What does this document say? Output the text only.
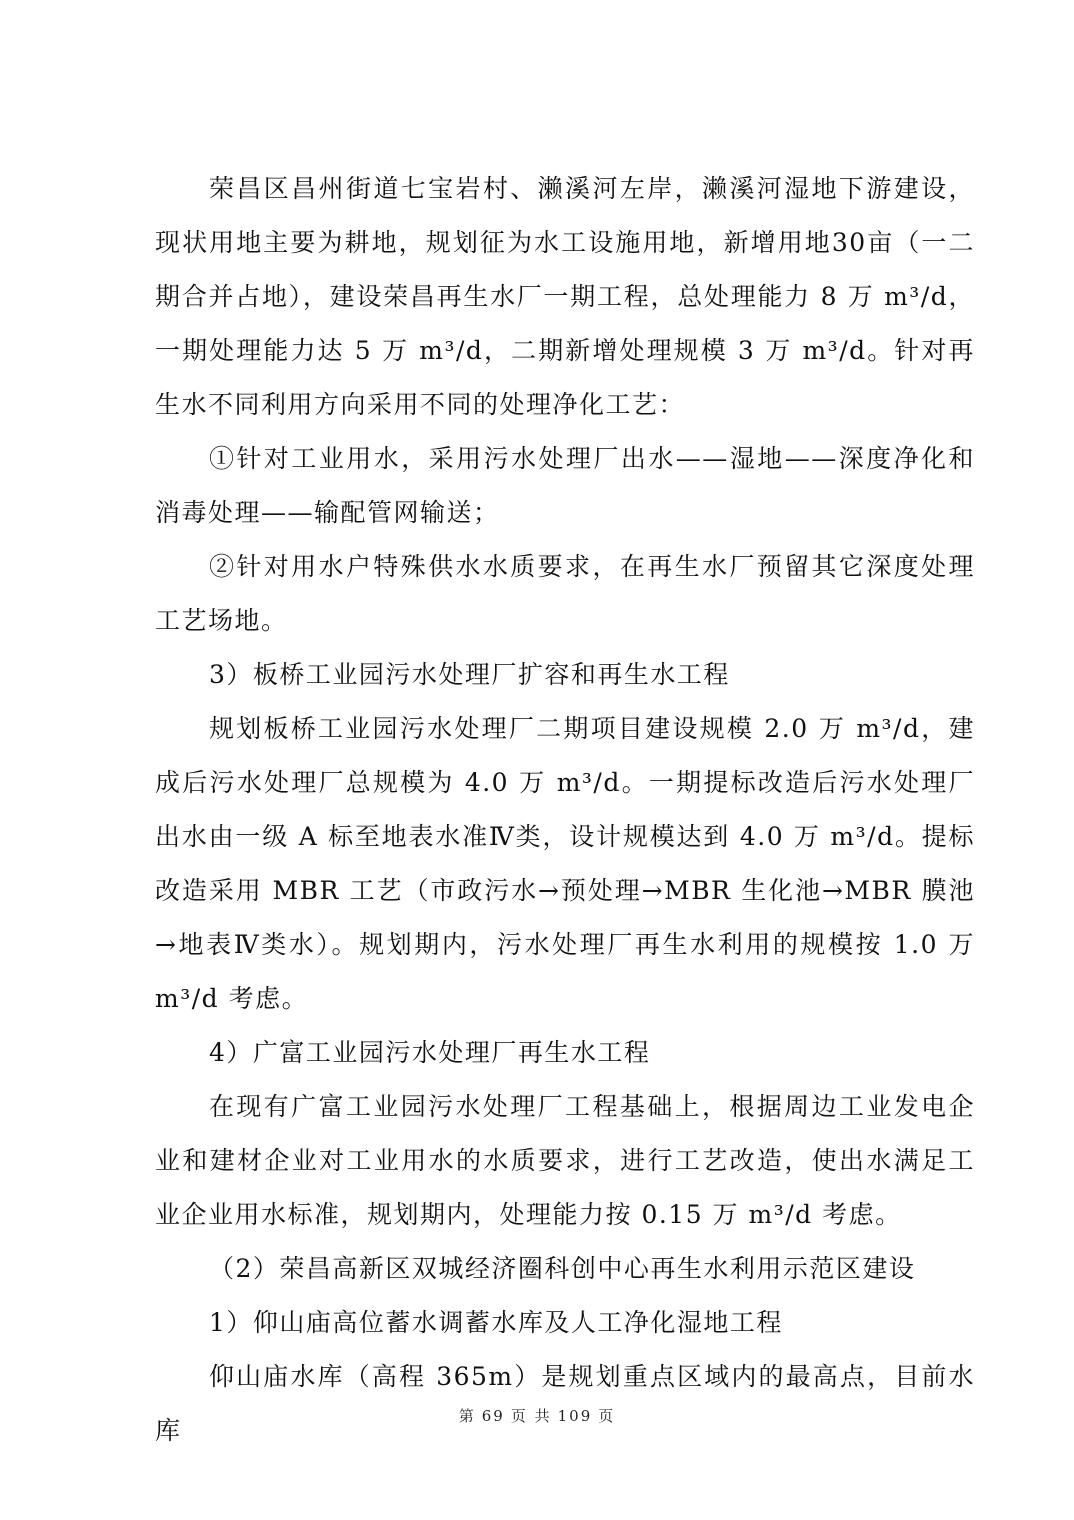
荣昌区昌州街道七宝岩村、濑溪河左岸，濑溪河湿地下游建设，现状用地主要为耕地，规划征为水工设施用地，新增用地30亩（一二期合并占地），建设荣昌再生水厂一期工程，总处理能力 8 万 m³/d，一期处理能力达 5 万 m³/d，二期新增处理规模 3 万 m³/d。针对再生水不同利用方向采用不同的处理净化工艺：

①针对工业用水，采用污水处理厂出水——湿地——深度净化和消毒处理——输配管网输送；

②针对用水户特殊供水水质要求，在再生水厂预留其它深度处理工艺场地。

3）板桥工业园污水处理厂扩容和再生水工程

规划板桥工业园污水处理厂二期项目建设规模 2.0 万 m³/d，建成后污水处理厂总规模为 4.0 万 m³/d。一期提标改造后污水处理厂出水由一级 A 标至地表水准Ⅳ类，设计规模达到 4.0 万 m³/d。提标改造采用 MBR 工艺（市政污水→预处理→MBR 生化池→MBR 膜池→地表Ⅳ类水）。规划期内，污水处理厂再生水利用的规模按 1.0 万 m³/d 考虑。

4）广富工业园污水处理厂再生水工程

在现有广富工业园污水处理厂工程基础上，根据周边工业发电企业和建材企业对工业用水的水质要求，进行工艺改造，使出水满足工业企业用水标准，规划期内，处理能力按 0.15 万 m³/d 考虑。

（2）荣昌高新区双城经济圈科创中心再生水利用示范区建设

1）仰山庙高位蓄水调蓄水库及人工净化湿地工程

仰山庙水库（高程 365m）是规划重点区域内的最高点，目前水库	第 69 页 共 109 页
